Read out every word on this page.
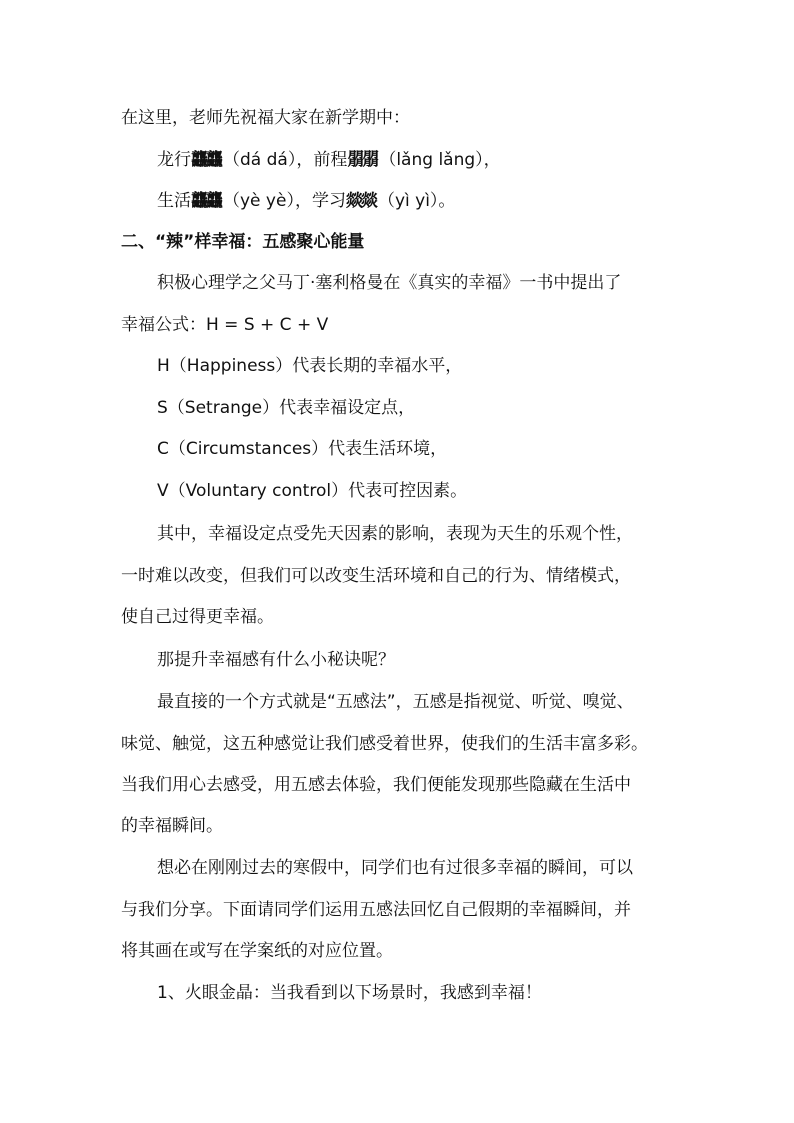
在这里，老师先祝福大家在新学期中：
龙行龘龘 （dá dá），前程朤朤 （lǎng lǎng），
生活龘龘 （yè yè），学习燚燚 （yì yì）。
二、“辣”样幸福：五感聚心能量
积极心理学之父马丁·塞利格曼在《真实的幸福》一书中提出了
幸福公式：H = S + C + V
H（Happiness）代表长期的幸福水平，
S（Setrange）代表幸福设定点，
C（Circumstances）代表生活环境，
V（Voluntary control）代表可控因素。
其中，幸福设定点受先天因素的影响，表现为天生的乐观个性，
一时难以改变，但我们可以改变生活环境和自己的行为、情绪模式，
使自己过得更幸福。
那提升幸福感有什么小秘诀呢？
最直接的一个方式就是“五感法”，五感是指视觉、听觉、嗅觉、
味觉、触觉，这五种感觉让我们感受着世界，使我们的生活丰富多彩。
当我们用心去感受，用五感去体验，我们便能发现那些隐藏在生活中
的幸福瞬间。
想必在刚刚过去的寒假中，同学们也有过很多幸福的瞬间，可以
与我们分享。下面请同学们运用五感法回忆自己假期的幸福瞬间，并
将其画在或写在学案纸的对应位置。
1、火眼金晶：当我看到以下场景时，我感到幸福！
